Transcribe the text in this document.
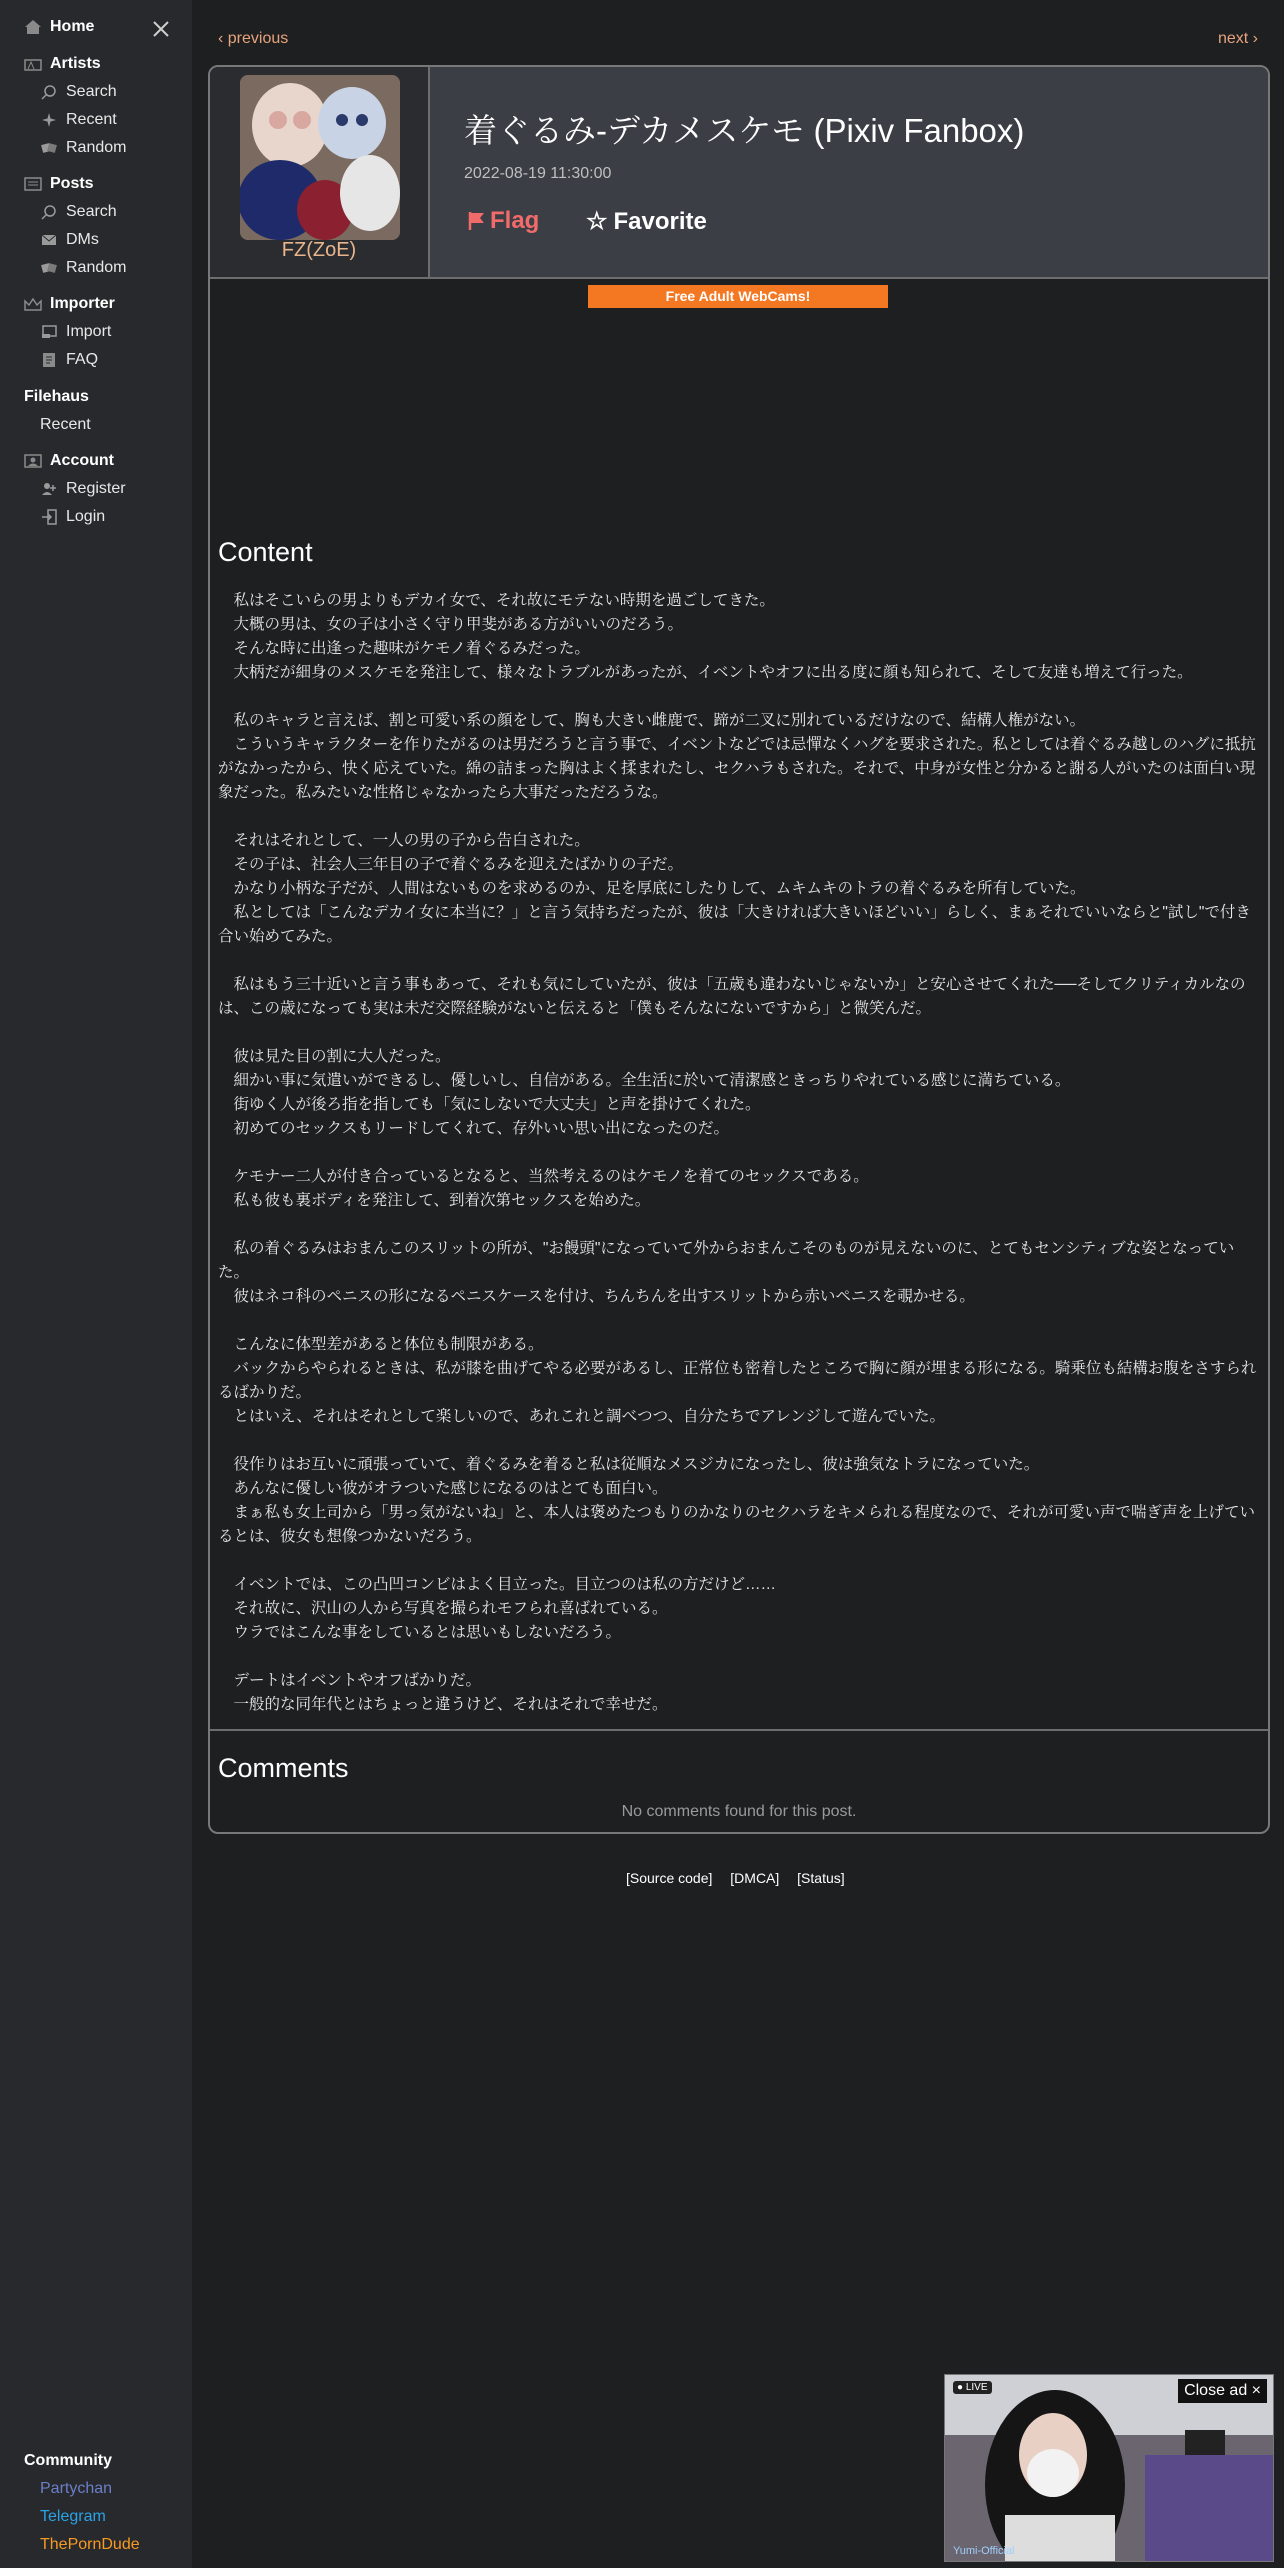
Home
Artists
Search
Recent
Random
Posts
Search
DMs
Random
Importer
Import
FAQ
Filehaus
Recent
Account
Register
Login
Community
Partychan
Telegram
ThePornDude
‹ previous	next ›
FZ(ZoE)
着ぐるみ-デカメスケモ (Pixiv Fanbox)
2022-08-19 11:30:00
Flag ☆ Favorite
Free Adult WebCams!
Content

　私はそこいらの男よりもデカイ女で、それ故にモテない時期を過ごしてきた。

　大概の男は、女の子は小さく守り甲斐がある方がいいのだろう。

　そんな時に出逢った趣味がケモノ着ぐるみだった。

　大柄だが細身のメスケモを発注して、様々なトラブルがあったが、イベントやオフに出る度に顔も知られて、そして友達も増えて行った。

　私のキャラと言えば、割と可愛い系の顔をして、胸も大きい雌鹿で、蹄が二叉に別れているだけなので、結構人権がない。

　こういうキャラクターを作りたがるのは男だろうと言う事で、イベントなどでは忌憚なくハグを要求された。私としては着ぐるみ越しのハグに抵抗がなかったから、快く応えていた。綿の詰まった胸はよく揉まれたし、セクハラもされた。それで、中身が女性と分かると謝る人がいたのは面白い現象だった。私みたいな性格じゃなかったら大事だっただろうな。

　それはそれとして、一人の男の子から告白された。

　その子は、社会人三年目の子で着ぐるみを迎えたばかりの子だ。

　かなり小柄な子だが、人間はないものを求めるのか、足を厚底にしたりして、ムキムキのトラの着ぐるみを所有していた。

　私としては「こんなデカイ女に本当に？」と言う気持ちだったが、彼は「大きければ大きいほどいい」らしく、まぁそれでいいならと"試し"で付き合い始めてみた。

　私はもう三十近いと言う事もあって、それも気にしていたが、彼は「五歳も違わないじゃないか」と安心させてくれた──そしてクリティカルなのは、この歳になっても実は未だ交際経験がないと伝えると「僕もそんなにないですから」と微笑んだ。

　彼は見た目の割に大人だった。

　細かい事に気遣いができるし、優しいし、自信がある。全生活に於いて清潔感ときっちりやれている感じに満ちている。

　街ゆく人が後ろ指を指しても「気にしないで大丈夫」と声を掛けてくれた。

　初めてのセックスもリードしてくれて、存外いい思い出になったのだ。

　ケモナー二人が付き合っているとなると、当然考えるのはケモノを着てのセックスである。

　私も彼も裏ボディを発注して、到着次第セックスを始めた。

　私の着ぐるみはおまんこのスリットの所が、"お饅頭"になっていて外からおまんこそのものが見えないのに、とてもセンシティブな姿となっていた。

　彼はネコ科のペニスの形になるペニスケースを付け、ちんちんを出すスリットから赤いペニスを覗かせる。

　こんなに体型差があると体位も制限がある。

　バックからやられるときは、私が膝を曲げてやる必要があるし、正常位も密着したところで胸に顔が埋まる形になる。騎乗位も結構お腹をさすられるばかりだ。

　とはいえ、それはそれとして楽しいので、あれこれと調べつつ、自分たちでアレンジして遊んでいた。

　役作りはお互いに頑張っていて、着ぐるみを着ると私は従順なメスジカになったし、彼は強気なトラになっていた。

　あんなに優しい彼がオラついた感じになるのはとても面白い。

　まぁ私も女上司から「男っ気がないね」と、本人は褒めたつもりのかなりのセクハラをキメられる程度なので、それが可愛い声で喘ぎ声を上げているとは、彼女も想像つかないだろう。

　イベントでは、この凸凹コンビはよく目立った。目立つのは私の方だけど……

　それ故に、沢山の人から写真を撮られモフられ喜ばれている。

　ウラではこんな事をしているとは思いもしないだろう。

　デートはイベントやオフばかりだ。

　一般的な同年代とはちょっと違うけど、それはそれで幸せだ。

Comments
No comments found for this post.
[Source code] [DMCA] [Status]
● LIVE	Close ad ×
Yumi-Official
